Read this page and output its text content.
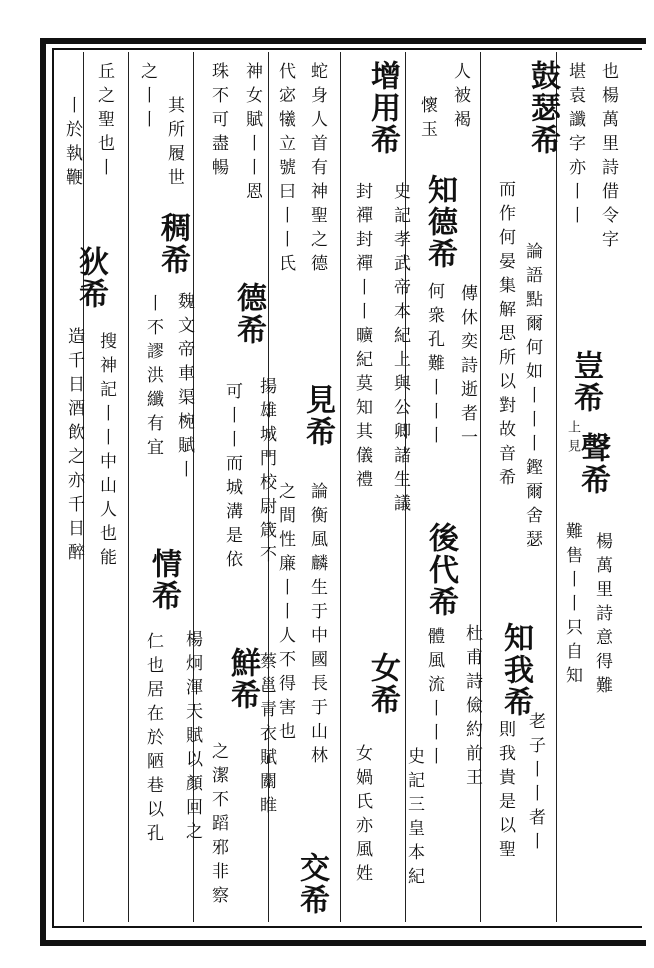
也楊萬里詩借令字
堪袁讖字亦丨丨
豈希
上見
聲希
楊萬里詩意得難
難售丨丨只自知
鼓瑟希
論語點爾何如丨丨丨鏗爾舍瑟
而作何晏集解思所以對故音希
知我希
老子丨丨者丨
則我貴是以聖
人被褐
懷玉
知德希
傳休奕詩逝者一
何衆孔難丨丨丨
後代希
杜甫詩儉約前王
體風流丨丨丨
增用希
史記孝武帝本紀上與公卿諸生議
封禪封禪丨丨曠紀莫知其儀禮
女希
史記三皇本紀
女媧氏亦風姓
蛇身人首有神聖之德
見希
論衡風麟生于中國長于山林
代宓犧立號曰丨丨氏
之間性廉丨丨人不得害也
交希
神女賦丨丨恩
德希
揚雄城門校尉箴不
珠不可盡暢
可丨丨而城溝是依
鮮希
蔡邕青衣賦關睢
之潔不蹈邪非察
其所履世
稠希
魏文帝車渠椀賦丨
楊炯渾天賦以顏回之
之丨丨
丨不謬洪纖有宜
情希
仁也居在於陋巷以孔
丘之聖也丨
狄希
搜神記丨丨中山人也能
丨於執鞭
造千日酒飲之亦千日醉
